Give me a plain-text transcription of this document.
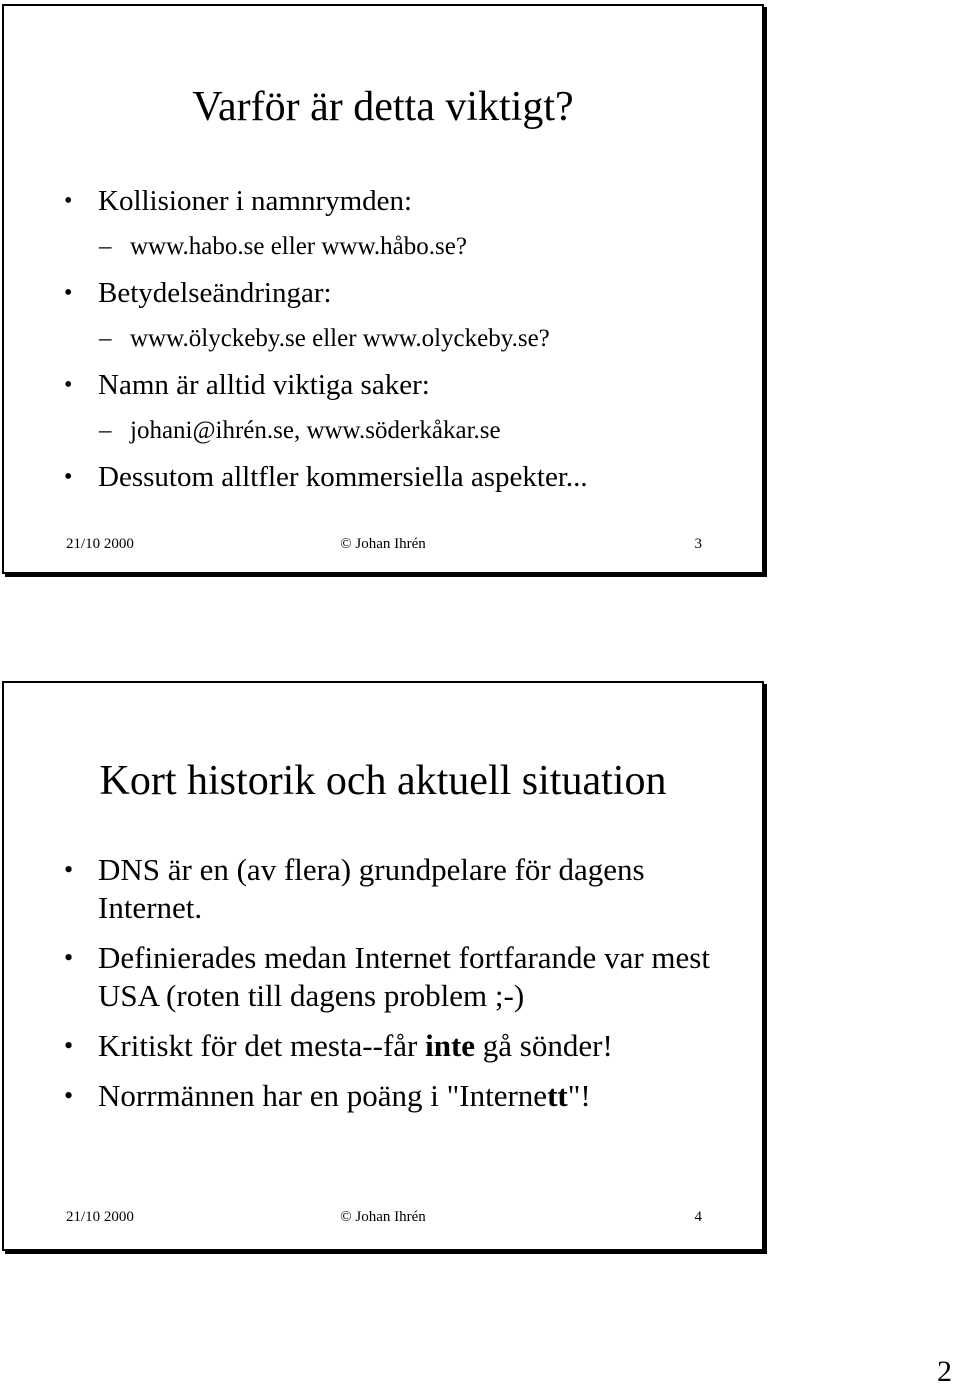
Varför är detta viktigt?
• Kollisioner i namnrymden:
– www.habo.se eller www.håbo.se?
• Betydelseändringar:
– www.ölyckeby.se eller www.olyckeby.se?
• Namn är alltid viktiga saker:
– johani@ihrén.se, www.söderkåkar.se
• Dessutom alltfler kommersiella aspekter...
21/10 2000	© Johan Ihrén	3
Kort historik och aktuell situation
• DNS är en (av flera) grundpelare för dagens Internet.
• Definierades medan Internet fortfarande var mest USA (roten till dagens problem ;-)
• Kritiskt för det mesta--får inte gå sönder!
• Norrmännen har en poäng i "Internett"!
21/10 2000	© Johan Ihrén	4
2
